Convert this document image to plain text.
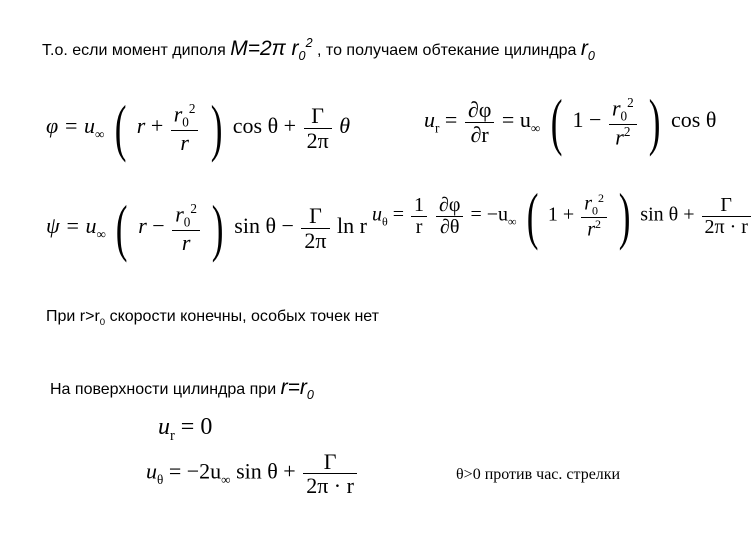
Т.о. если момент диполя M=2π $r_0^2$ , то получаем обтекание цилиндра $r_0$
$\varphi = u_\infty$ ( $r + \frac{r_0^2}{r}$ ) $\cos \theta + \frac{\Gamma}{2\pi}$ θ
$\psi = u_\infty$ ( $r - \frac{r_0^2}{r}$ ) $\sin \theta - \frac{\Gamma}{2\pi}$ ln r
$u_r = \frac{\partial\varphi}{\partial r} = u_\infty$ ( $1 - \frac{r_0^2}{r^2}$ ) cos θ
$u_\theta = \frac{1}{r}$
$\frac{\partial\varphi}{\partial\theta} = -u_\infty$ ( $1 + \frac{r_0^2}{r^2}$ ) $\sin \theta + \frac{\Gamma}{2\pi \cdot r}$
При $r>r_0$ скорости конечны, особых точек нет
На поверхности цилиндра при $r=r_0$
$u_r = 0$
$u_\theta = -2u_\infty$ $\sin \theta + \frac{\Gamma}{2\pi \cdot r}$	θ>0 против час. стрелки
